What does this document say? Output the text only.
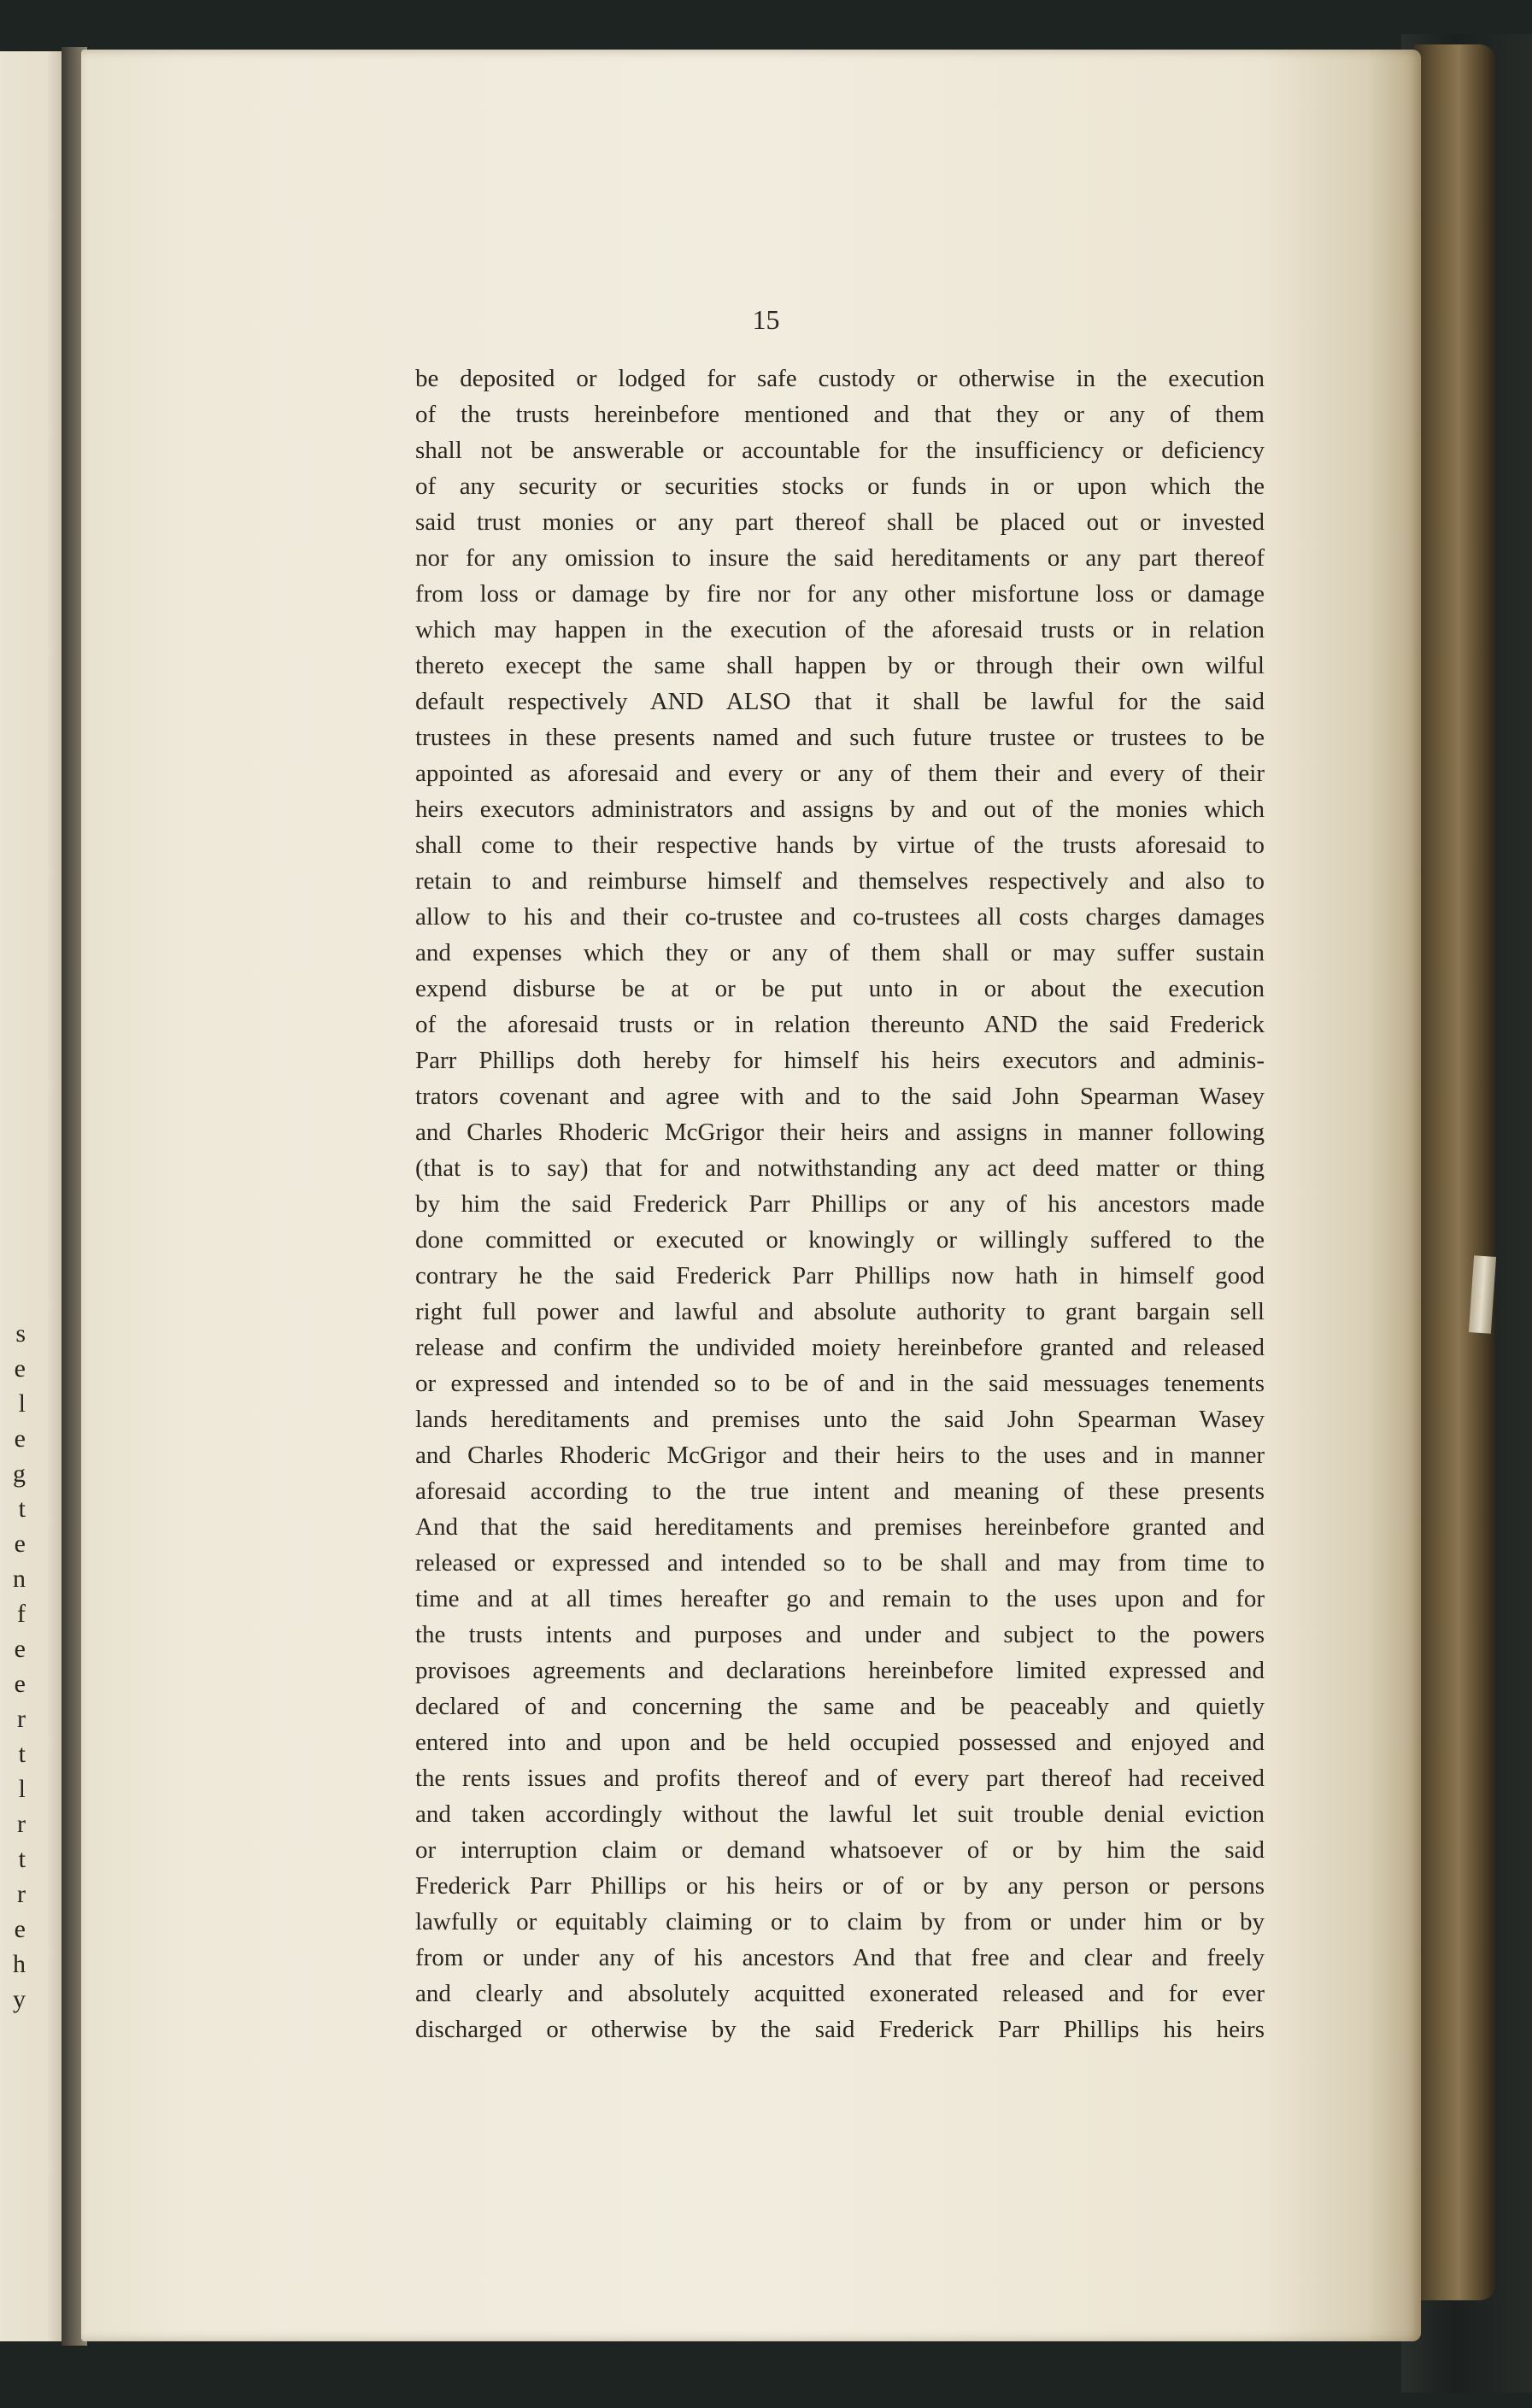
s
e
l
e
g
t
e
n
f
e
e
r
t
l
r
t
r
e
h
y
15
be deposited or lodged for safe custody or otherwise in the execution
of the trusts hereinbefore mentioned and that they or any of them
shall not be answerable or accountable for the insufficiency or deficiency
of any security or securities stocks or funds in or upon which the
said trust monies or any part thereof shall be placed out or invested
nor for any omission to insure the said hereditaments or any part thereof
from loss or damage by fire nor for any other misfortune loss or damage
which may happen in the execution of the aforesaid trusts or in relation
thereto execept the same shall happen by or through their own wilful
default respectively AND ALSO that it shall be lawful for the said
trustees in these presents named and such future trustee or trustees to be
appointed as aforesaid and every or any of them their and every of their
heirs executors administrators and assigns by and out of the monies which
shall come to their respective hands by virtue of the trusts aforesaid to
retain to and reimburse himself and themselves respectively and also to
allow to his and their co-trustee and co-trustees all costs charges damages
and expenses which they or any of them shall or may suffer sustain
expend disburse be at or be put unto in or about the execution
of the aforesaid trusts or in relation thereunto AND the said Frederick
Parr Phillips doth hereby for himself his heirs executors and adminis-
trators covenant and agree with and to the said John Spearman Wasey
and Charles Rhoderic McGrigor their heirs and assigns in manner following
(that is to say) that for and notwithstanding any act deed matter or thing
by him the said Frederick Parr Phillips or any of his ancestors made
done committed or executed or knowingly or willingly suffered to the
contrary he the said Frederick Parr Phillips now hath in himself good
right full power and lawful and absolute authority to grant bargain sell
release and confirm the undivided moiety hereinbefore granted and released
or expressed and intended so to be of and in the said messuages tenements
lands hereditaments and premises unto the said John Spearman Wasey
and Charles Rhoderic McGrigor and their heirs to the uses and in manner
aforesaid according to the true intent and meaning of these presents
And that the said hereditaments and premises hereinbefore granted and
released or expressed and intended so to be shall and may from time to
time and at all times hereafter go and remain to the uses upon and for
the trusts intents and purposes and under and subject to the powers
provisoes agreements and declarations hereinbefore limited expressed and
declared of and concerning the same and be peaceably and quietly
entered into and upon and be held occupied possessed and enjoyed and
the rents issues and profits thereof and of every part thereof had received
and taken accordingly without the lawful let suit trouble denial eviction
or interruption claim or demand whatsoever of or by him the said
Frederick Parr Phillips or his heirs or of or by any person or persons
lawfully or equitably claiming or to claim by from or under him or by
from or under any of his ancestors And that free and clear and freely
and clearly and absolutely acquitted exonerated released and for ever
discharged or otherwise by the said Frederick Parr Phillips his heirs
